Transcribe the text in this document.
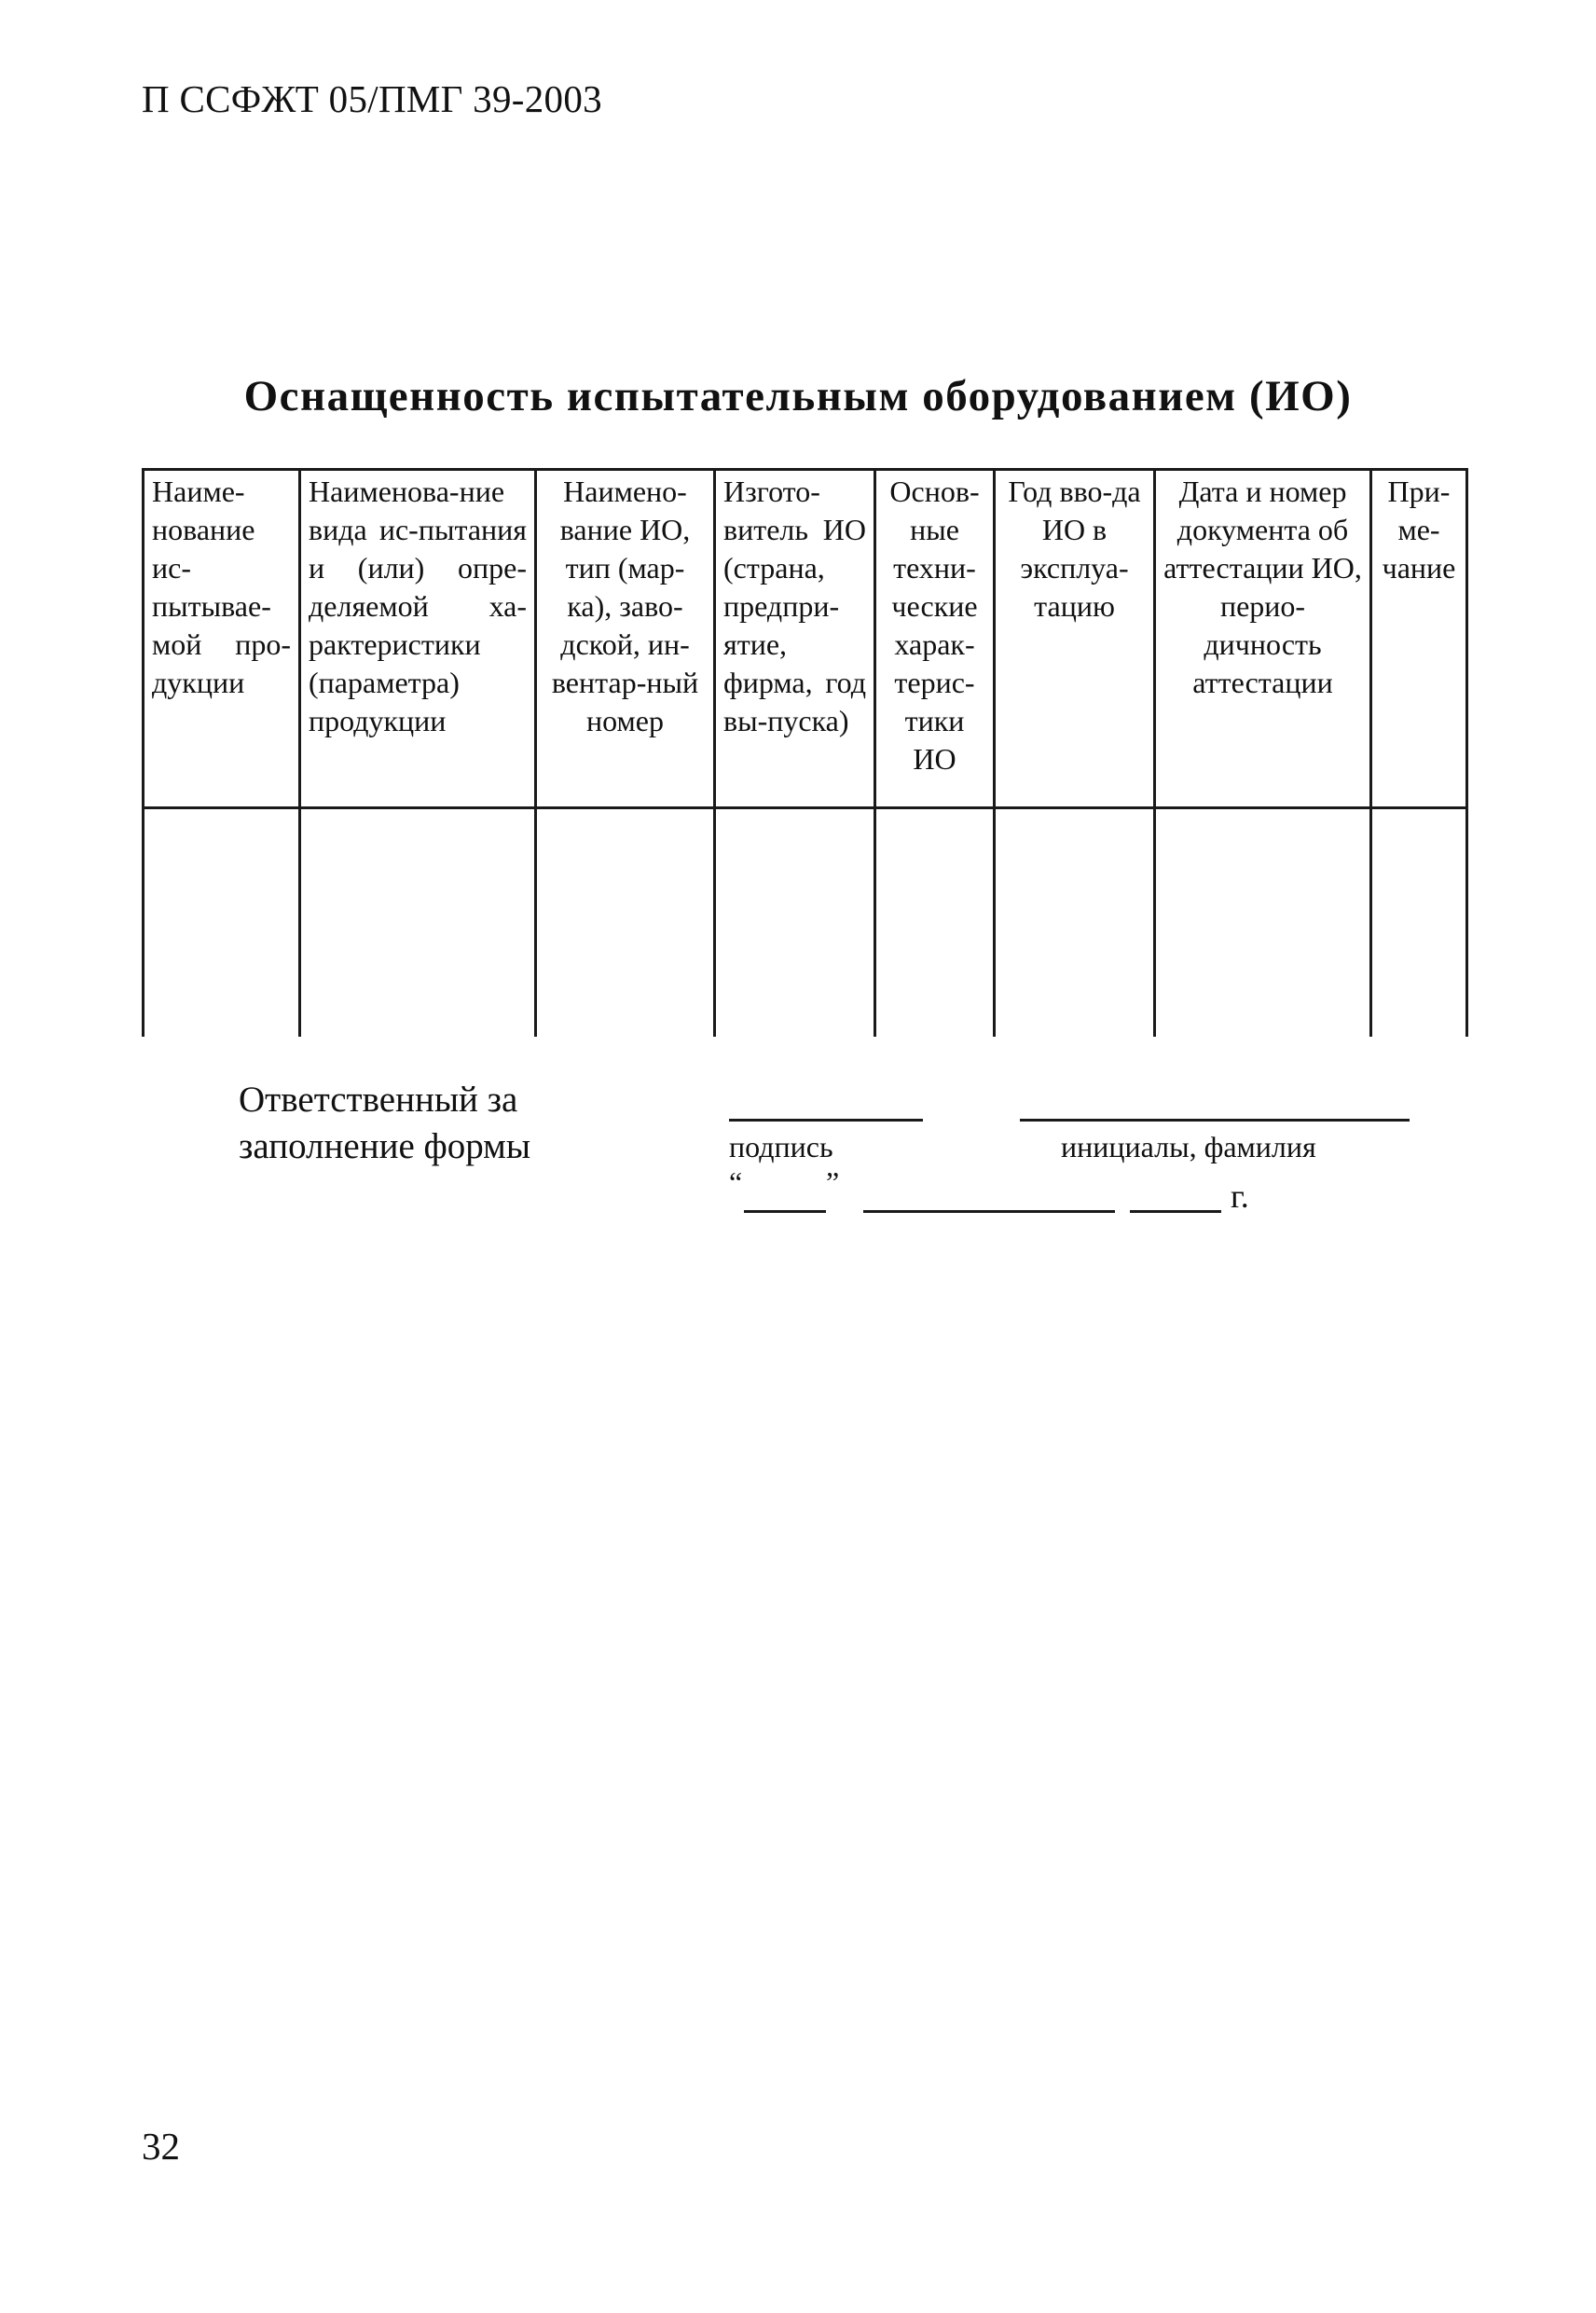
П ССФЖТ 05/ПМГ 39-2003
Оснащенность испытательным оборудованием (ИО)
Наиме-нование ис-пытывае-мой про-дукции	Наименова-ние вида ис-пытания и (или) опре-деляемой ха-рактеристики (параметра) продукции	Наимено-вание ИО, тип (мар-ка), заво-дской, ин-вентар-ный номер	Изгото-витель ИО (страна, предпри-ятие, фирма, год вы-пуска)	Основ-ные техни-ческие харак-терис-тики ИО	Год вво-да ИО в эксплуа-тацию	Дата и номер документа об аттестации ИО, перио-дичность аттестации	При-ме-чание

Ответственный за заполнение формы	подпись	инициалы, фамилия
“	”	г.
32
